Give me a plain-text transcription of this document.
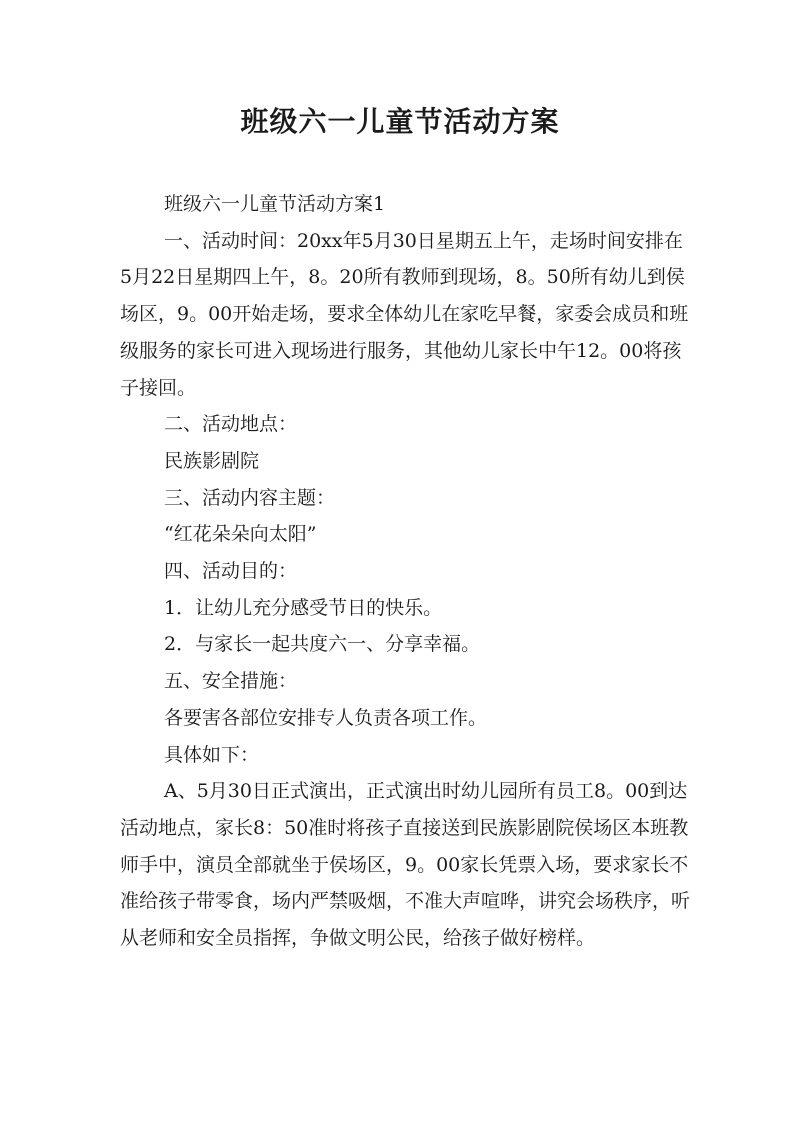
班级六一儿童节活动方案

班级六一儿童节活动方案1

一、活动时间：20xx年5月30日星期五上午，走场时间安排在5月22日星期四上午，8。20所有教师到现场，8。50所有幼儿到侯场区，9。00开始走场，要求全体幼儿在家吃早餐，家委会成员和班级服务的家长可进入现场进行服务，其他幼儿家长中午12。00将孩子接回。

二、活动地点：

民族影剧院

三、活动内容主题：

“红花朵朵向太阳”

四、活动目的：

1．让幼儿充分感受节日的快乐。

2．与家长一起共度六一、分享幸福。

五、安全措施：

各要害各部位安排专人负责各项工作。

具体如下：

A、5月30日正式演出，正式演出时幼儿园所有员工8。00到达活动地点，家长8：50准时将孩子直接送到民族影剧院侯场区本班教师手中，演员全部就坐于侯场区，9。00家长凭票入场，要求家长不准给孩子带零食，场内严禁吸烟，不准大声喧哗，讲究会场秩序，听从老师和安全员指挥，争做文明公民，给孩子做好榜样。
